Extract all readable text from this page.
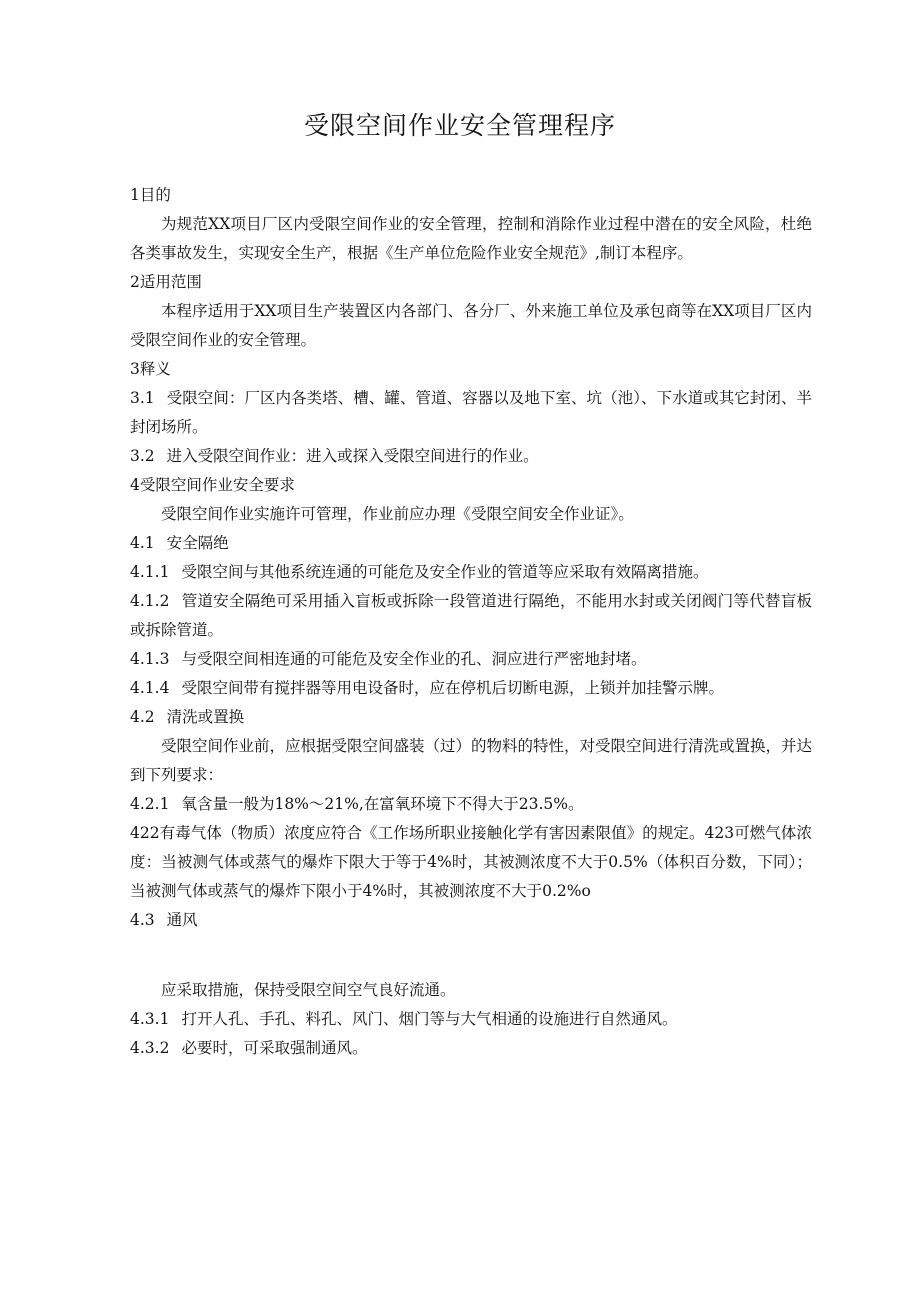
受限空间作业安全管理程序

1目的

为规范XX项目厂区内受限空间作业的安全管理，控制和消除作业过程中潜在的安全风险，杜绝各类事故发生，实现安全生产，根据《生产单位危险作业安全规范》,制订本程序。

2适用范围

本程序适用于XX项目生产装置区内各部门、各分厂、外来施工单位及承包商等在XX项目厂区内受限空间作业的安全管理。

3释义

3.1 受限空间：厂区内各类塔、槽、罐、管道、容器以及地下室、坑（池）、下水道或其它封闭、半封闭场所。

3.2 进入受限空间作业：进入或探入受限空间进行的作业。

4受限空间作业安全要求

受限空间作业实施许可管理，作业前应办理《受限空间安全作业证》。

4.1 安全隔绝

4.1.1 受限空间与其他系统连通的可能危及安全作业的管道等应采取有效隔离措施。

4.1.2 管道安全隔绝可采用插入盲板或拆除一段管道进行隔绝，不能用水封或关闭阀门等代替盲板或拆除管道。

4.1.3 与受限空间相连通的可能危及安全作业的孔、洞应进行严密地封堵。

4.1.4 受限空间带有搅拌器等用电设备时，应在停机后切断电源，上锁并加挂警示牌。

4.2 清洗或置换

受限空间作业前，应根据受限空间盛装（过）的物料的特性，对受限空间进行清洗或置换，并达到下列要求：

4.2.1 氧含量一般为18%～21%,在富氧环境下不得大于23.5%。

422有毒气体（物质）浓度应符合《工作场所职业接触化学有害因素限值》的规定。423可燃气体浓度：当被测气体或蒸气的爆炸下限大于等于4%时，其被测浓度不大于0.5%（体积百分数，下同）；当被测气体或蒸气的爆炸下限小于4%时，其被测浓度不大于0.2%o

4.3 通风

应采取措施，保持受限空间空气良好流通。

4.3.1 打开人孔、手孔、料孔、风门、烟门等与大气相通的设施进行自然通风。

4.3.2 必要时，可采取强制通风。
